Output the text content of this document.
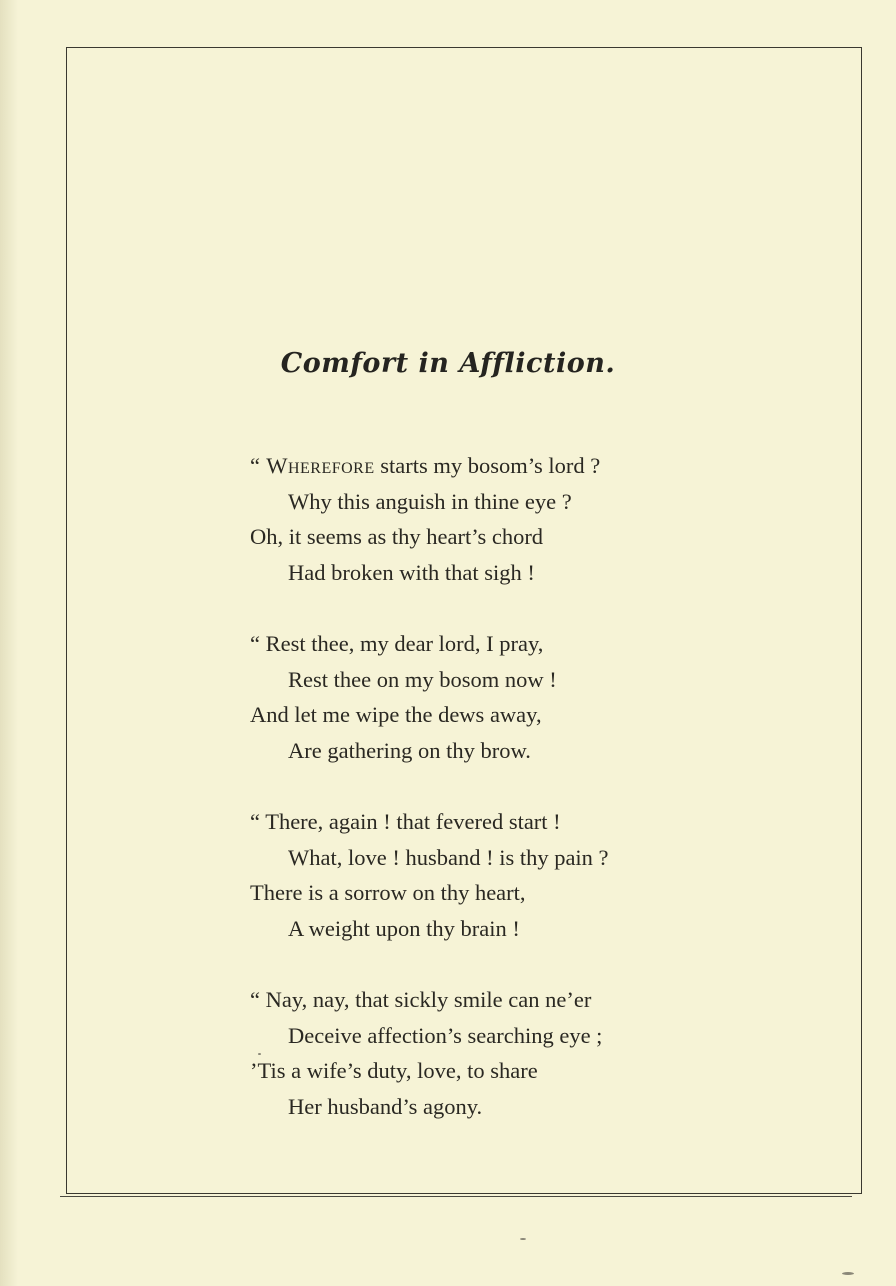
Comfort in Affliction.
“ Wherefore starts my bosom’s lord ?
Why this anguish in thine eye ?
Oh, it seems as thy heart’s chord
Had broken with that sigh !
“ Rest thee, my dear lord, I pray,
Rest thee on my bosom now !
And let me wipe the dews away,
Are gathering on thy brow.
“ There, again ! that fevered start !
What, love ! husband ! is thy pain ?
There is a sorrow on thy heart,
A weight upon thy brain !
“ Nay, nay, that sickly smile can ne’er
Deceive affection’s searching eye ;
’Tis a wife’s duty, love, to share
Her husband’s agony.
